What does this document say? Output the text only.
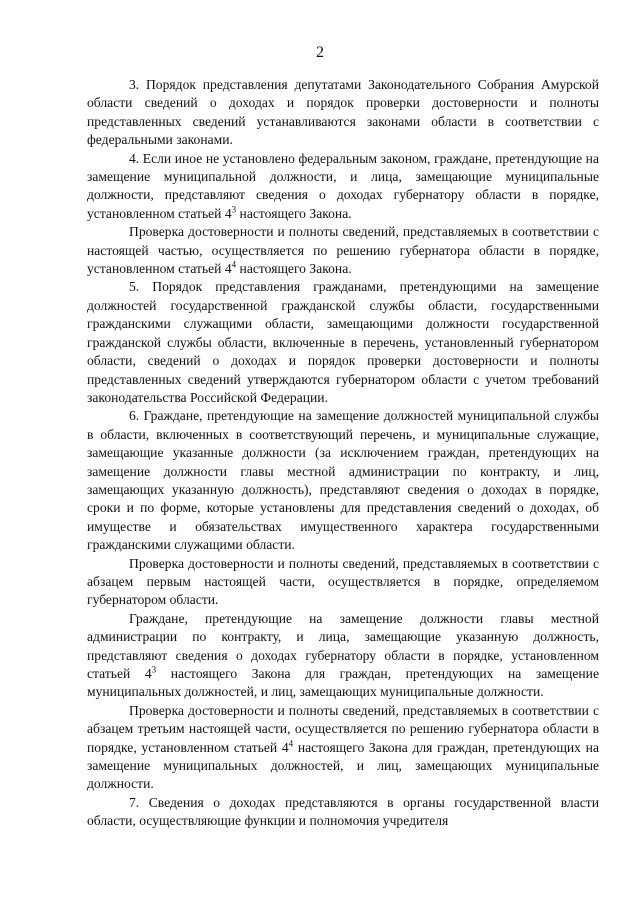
2

3. Порядок представления депутатами Законодательного Собрания Амурской области сведений о доходах и порядок проверки достоверности и полноты представленных сведений устанавливаются законами области в соответствии с федеральными законами.

4. Если иное не установлено федеральным законом, граждане, претендующие на замещение муниципальной должности, и лица, замещающие муниципальные должности, представляют сведения о доходах губернатору области в порядке, установленном статьей $4^3$ настоящего Закона.

Проверка достоверности и полноты сведений, представляемых в соответствии с настоящей частью, осуществляется по решению губернатора области в порядке, установленном статьей $4^4$ настоящего Закона.

5. Порядок представления гражданами, претендующими на замещение должностей государственной гражданской службы области, государственными гражданскими служащими области, замещающими должности государственной гражданской службы области, включенные в перечень, установленный губернатором области, сведений о доходах и порядок проверки достоверности и полноты представленных сведений утверждаются губернатором области с учетом требований законодательства Российской Федерации.

6. Граждане, претендующие на замещение должностей муниципальной службы в области, включенных в соответствующий перечень, и муниципальные служащие, замещающие указанные должности (за исключением граждан, претендующих на замещение должности главы местной администрации по контракту, и лиц, замещающих указанную должность), представляют сведения о доходах в порядке, сроки и по форме, которые установлены для представления сведений о доходах, об имуществе и обязательствах имущественного характера государственными гражданскими служащими области.

Проверка достоверности и полноты сведений, представляемых в соответствии с абзацем первым настоящей части, осуществляется в порядке, определяемом губернатором области.

Граждане, претендующие на замещение должности главы местной администрации по контракту, и лица, замещающие указанную должность, представляют сведения о доходах губернатору области в порядке, установленном статьей $4^3$ настоящего Закона для граждан, претендующих на замещение муниципальных должностей, и лиц, замещающих муниципальные должности.

Проверка достоверности и полноты сведений, представляемых в соответствии с абзацем третьим настоящей части, осуществляется по решению губернатора области в порядке, установленном статьей $4^4$ настоящего Закона для граждан, претендующих на замещение муниципальных должностей, и лиц, замещающих муниципальные должности.

7. Сведения о доходах представляются в органы государственной власти области, осуществляющие функции и полномочия учредителя
